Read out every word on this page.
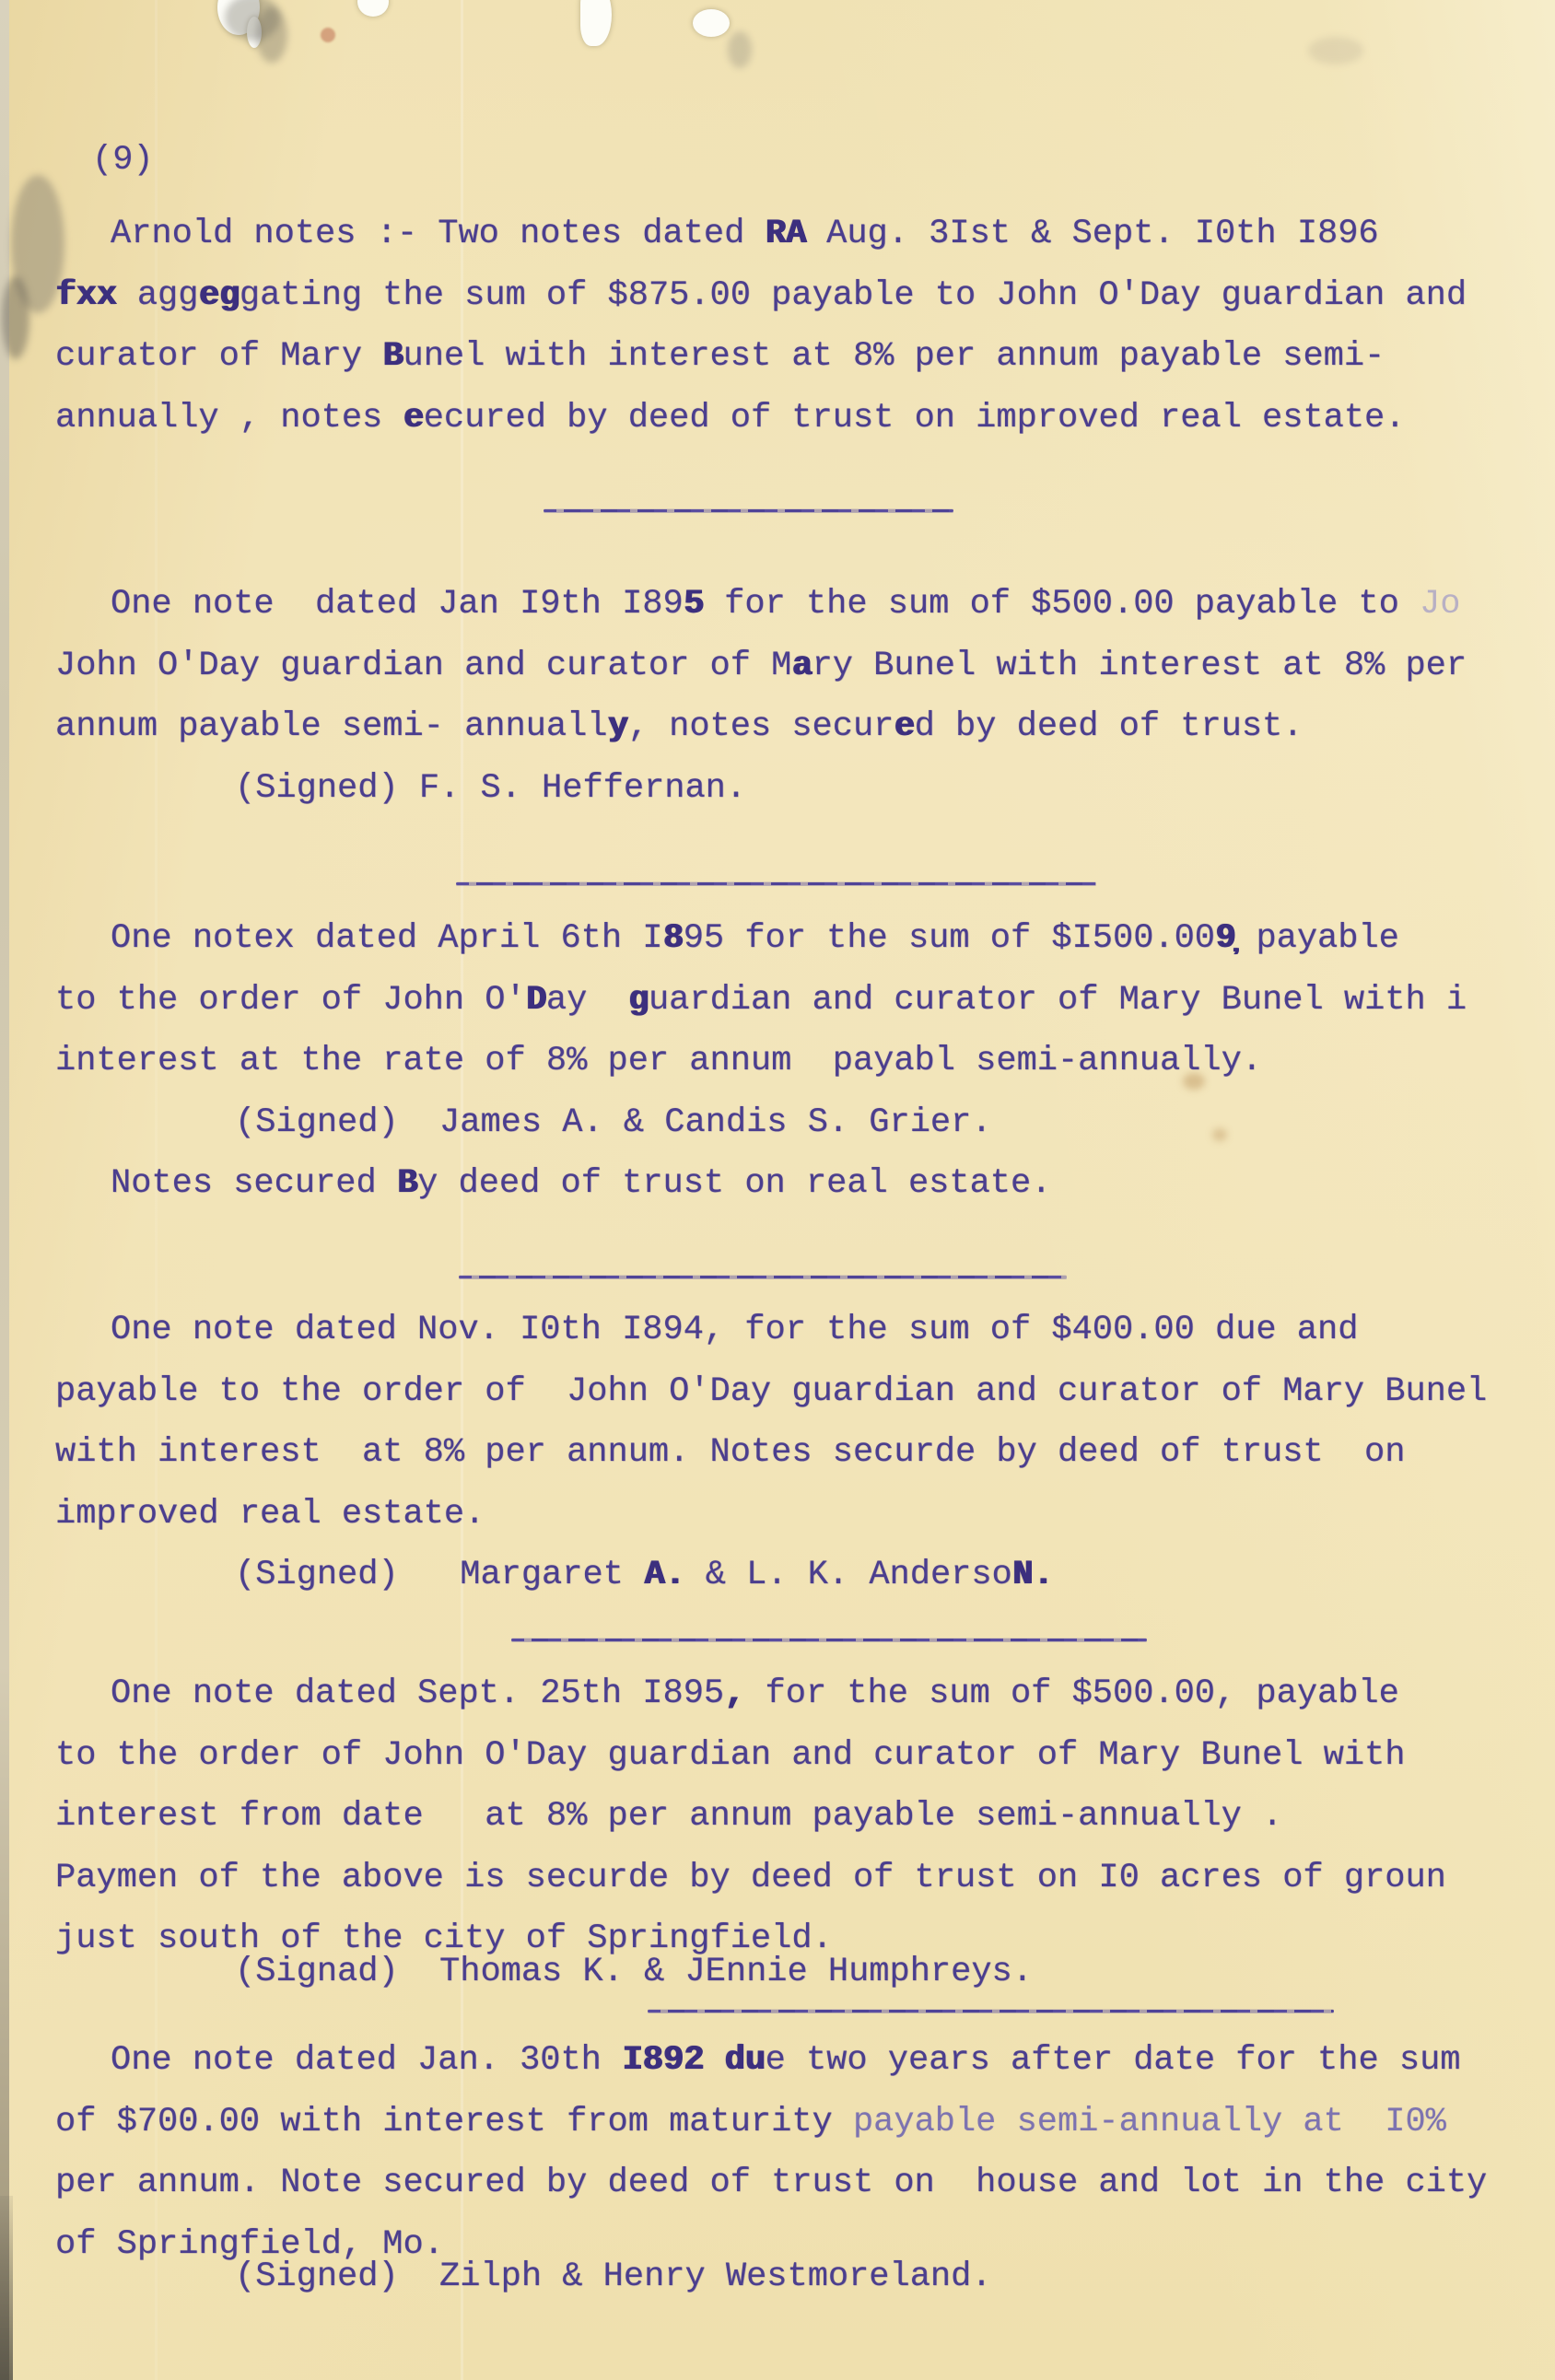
(9)
Arnold notes :- Two notes dated RA Aug. 3Ist & Sept. I0th I896
fxx aggeggating the sum of $875.00 payable to John O'Day guardian and
curator of Mary Bunel with interest at 8% per annum payable semi-
annually , notes eecured by deed of trust on improved real estate.
One note  dated Jan I9th I895 for the sum of $500.00 payable to Jo
John O'Day guardian and curator of Mary Bunel with interest at 8% per
annum payable semi- annually, notes secured by deed of trust.
(Signed) F. S. Heffernan.
One notex dated April 6th I895 for the sum of $I500.009̦ payable
to the order of John O'Day  guardian and curator of Mary Bunel with i
interest at the rate of 8% per annum  payabl semi-annually.
(Signed)  James A. & Candis S. Grier.
Notes secured By deed of trust on real estate.
One note dated Nov. I0th I894, for the sum of $400.00 due and
payable to the order of  John O'Day guardian and curator of Mary Bunel
with interest  at 8% per annum. Notes securde by deed of trust  on
improved real estate.
(Signed)   Margaret A. & L. K. AndersoN.
One note dated Sept. 25th I895, for the sum of $500.00, payable
to the order of John O'Day guardian and curator of Mary Bunel with
interest from date   at 8% per annum payable semi-annually .
Paymen of the above is securde by deed of trust on I0 acres of groun
just south of the city of Springfield.
(Signad)  Thomas K. & JEnnie Humphreys.
One note dated Jan. 30th I892 due two years after date for the sum
of $700.00 with interest from maturity payable semi-annually at  I0%
per annum. Note secured by deed of trust on  house and lot in the city
of Springfield, Mo.
(Signed)  Zilph & Henry Westmoreland.
